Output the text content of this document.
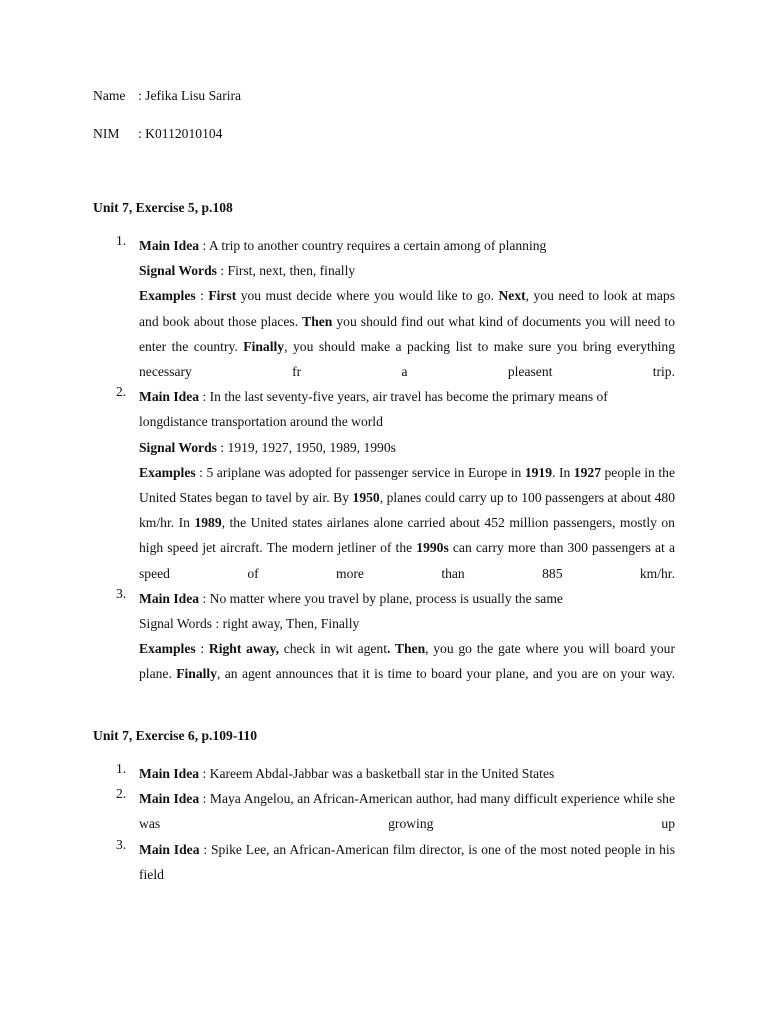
Name : Jefika Lisu Sarira
NIM : K0112010104
Unit 7, Exercise 5, p.108
1. Main Idea : A trip to another country requires a certain among of planning
Signal Words : First, next, then, finally
Examples : First you must decide where you would like to go. Next, you need to look at maps and book about those places. Then you should find out what kind of documents you will need to enter the country. Finally, you should make a packing list to make sure you bring everything necessary fr a pleasent trip.
2. Main Idea : In the last seventy-five years, air travel has become the primary means of longdistance transportation around the world
Signal Words : 1919, 1927, 1950, 1989, 1990s
Examples : 5 ariplane was adopted for passenger service in Europe in 1919. In 1927 people in the United States began to tavel by air. By 1950, planes could carry up to 100 passengers at about 480 km/hr. In 1989, the United states airlanes alone carried about 452 million passengers, mostly on high speed jet aircraft. The modern jetliner of the 1990s can carry more than 300 passengers at a speed of more than 885 km/hr.
3. Main Idea : No matter where you travel by plane, process is usually the same
Signal Words : right away, Then, Finally
Examples : Right away, check in wit agent. Then, you go the gate where you will board your plane. Finally, an agent announces that it is time to board your plane, and you are on your way.
Unit 7, Exercise 6, p.109-110
1. Main Idea : Kareem Abdal-Jabbar was a basketball star in the United States
2. Main Idea : Maya Angelou, an African-American author, had many difficult experience while she was growing up
3. Main Idea : Spike Lee, an African-American film director, is one of the most noted people in his field
